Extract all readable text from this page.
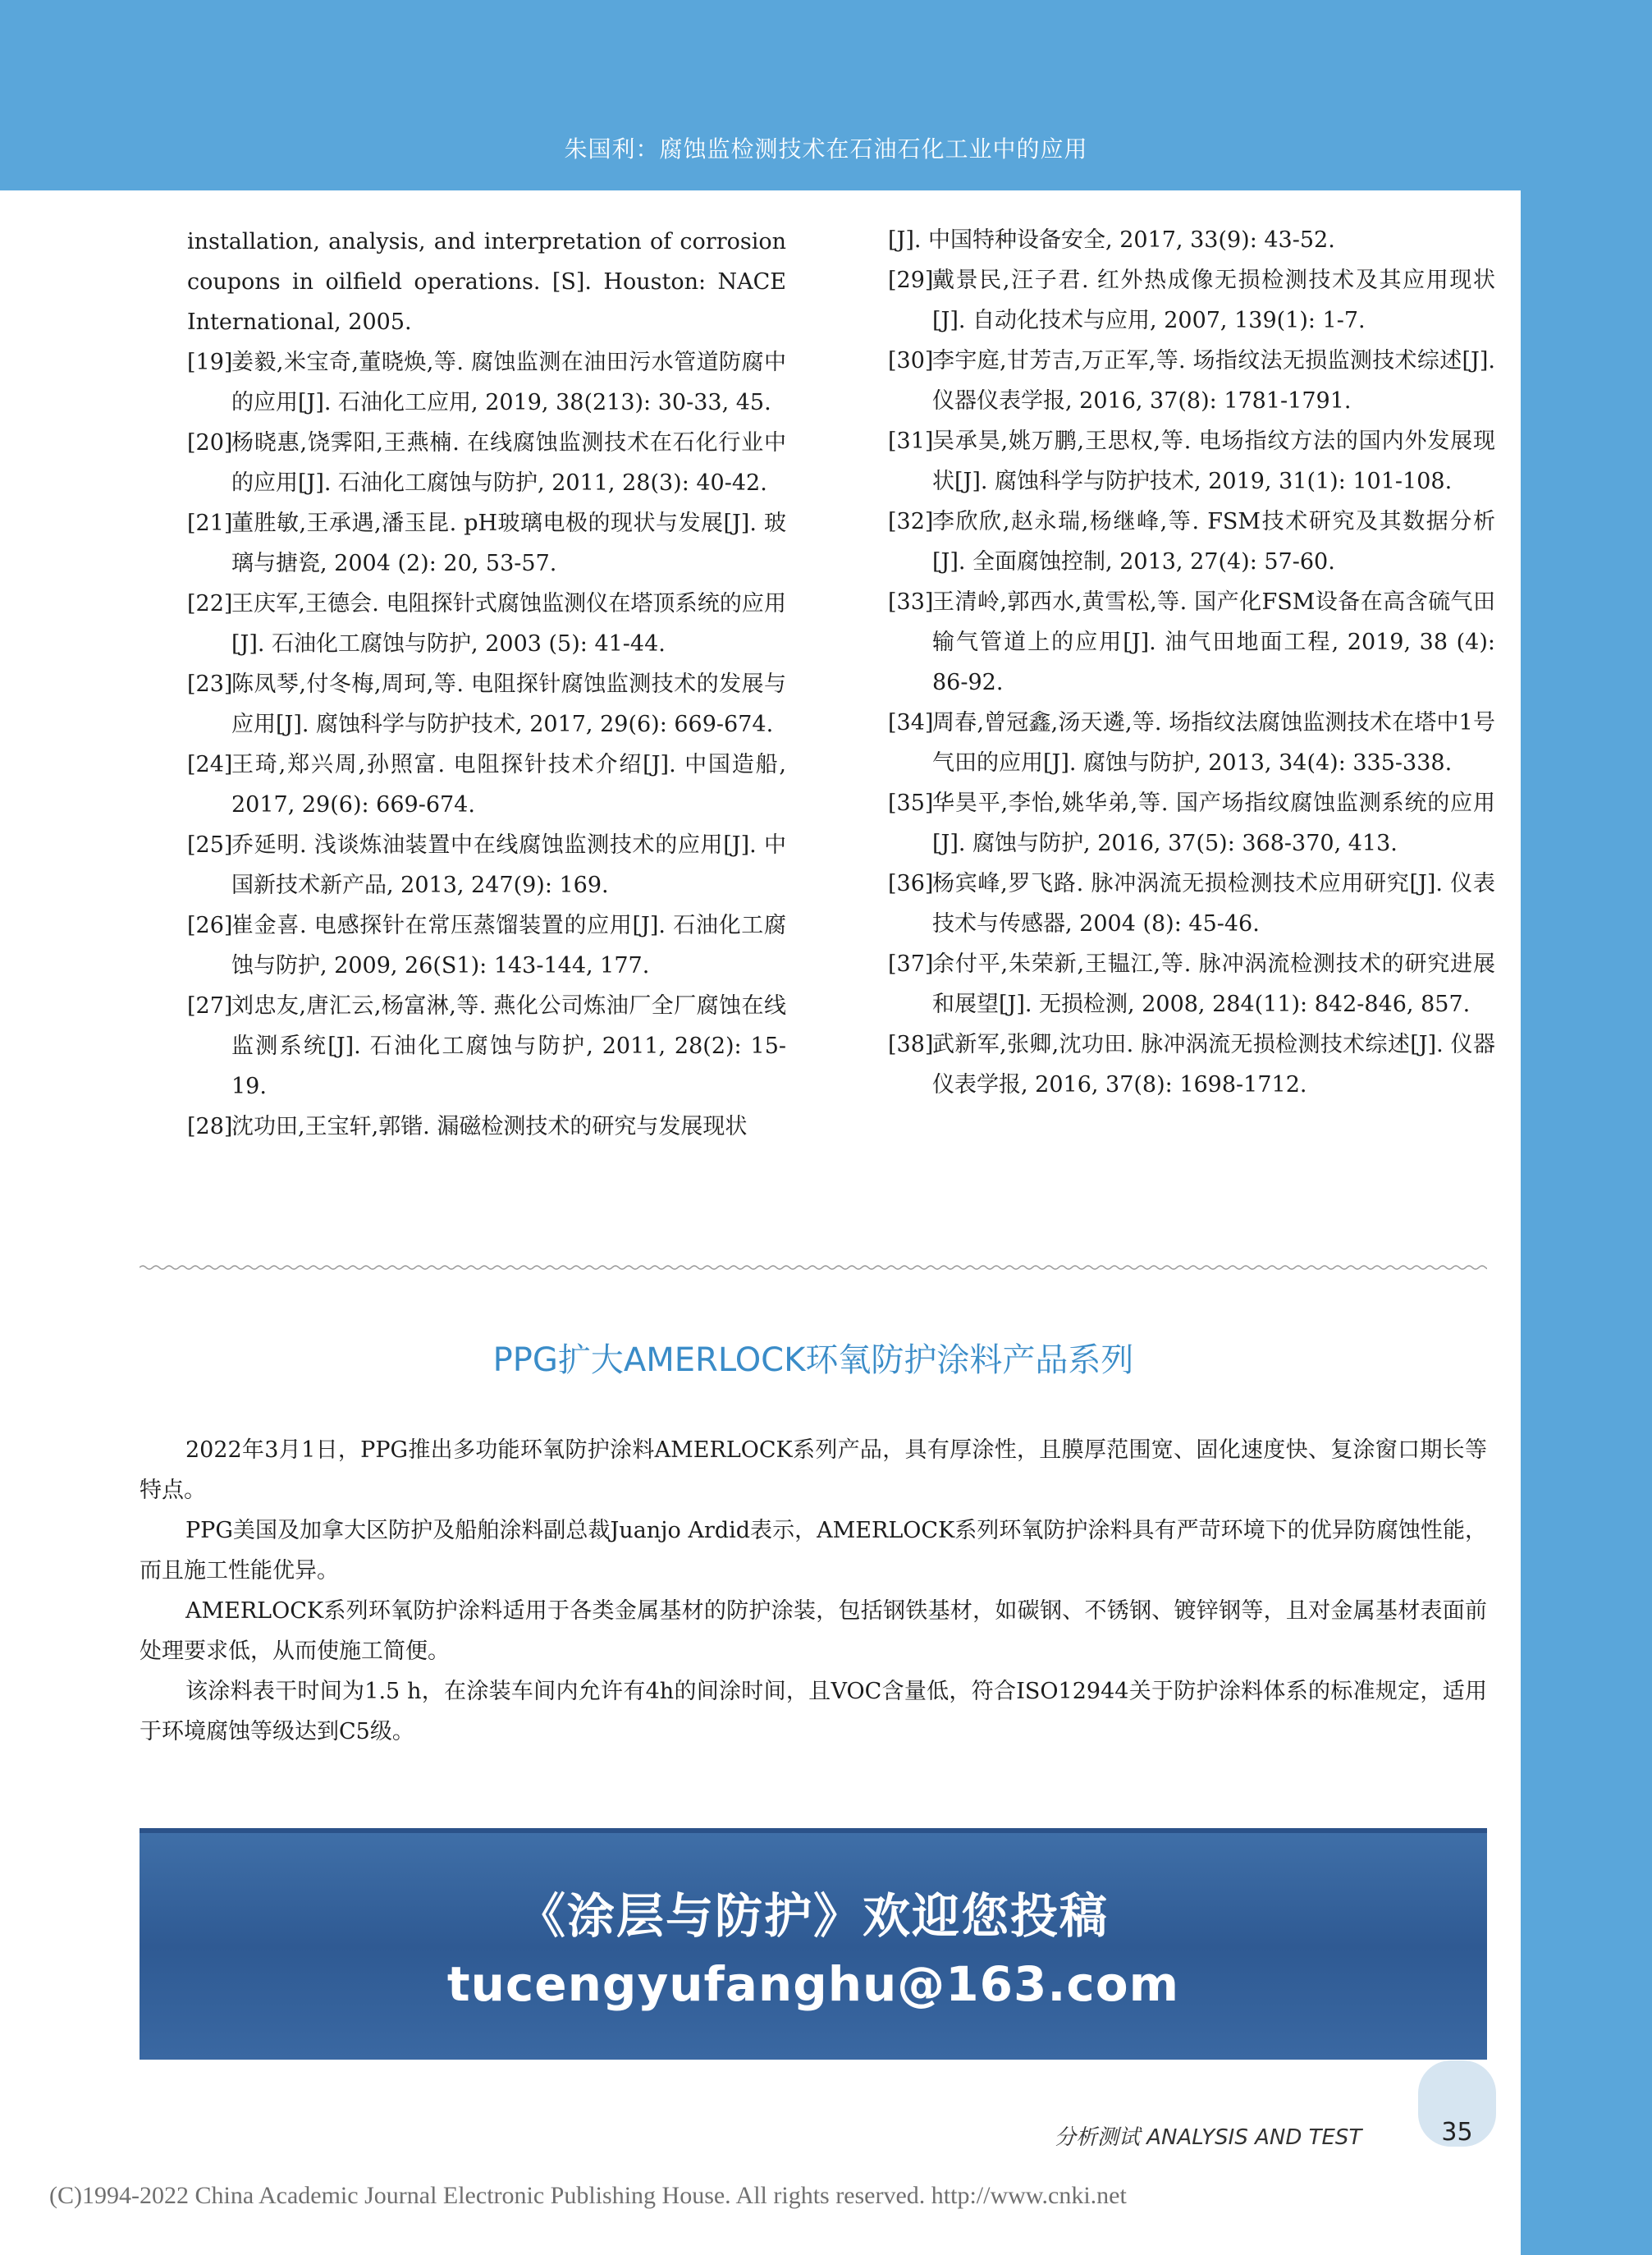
朱国利：腐蚀监检测技术在石油石化工业中的应用

installation, analysis, and interpretation of corrosion coupons in oilfield operations. [S]. Houston: NACE International, 2005.

[19]
姜毅,米宝奇,董晓焕,等. 腐蚀监测在油田污水管道防腐中的应用[J]. 石油化工应用, 2019, 38(213): 30-33, 45.

[20]
杨晓惠,饶霁阳,王燕楠. 在线腐蚀监测技术在石化行业中的应用[J]. 石油化工腐蚀与防护, 2011, 28(3): 40-42.

[21]
董胜敏,王承遇,潘玉昆. pH玻璃电极的现状与发展[J]. 玻璃与搪瓷, 2004 (2): 20, 53-57.

[22]
王庆军,王德会. 电阻探针式腐蚀监测仪在塔顶系统的应用[J]. 石油化工腐蚀与防护, 2003 (5): 41-44.

[23]
陈凤琴,付冬梅,周珂,等. 电阻探针腐蚀监测技术的发展与应用[J]. 腐蚀科学与防护技术, 2017, 29(6): 669-674.

[24]
王琦,郑兴周,孙照富. 电阻探针技术介绍[J]. 中国造船, 2017, 29(6): 669-674.

[25]
乔延明. 浅谈炼油装置中在线腐蚀监测技术的应用[J]. 中国新技术新产品, 2013, 247(9): 169.

[26]
崔金喜. 电感探针在常压蒸馏装置的应用[J]. 石油化工腐蚀与防护, 2009, 26(S1): 143-144, 177.

[27]
刘忠友,唐汇云,杨富淋,等. 燕化公司炼油厂全厂腐蚀在线监测系统[J]. 石油化工腐蚀与防护, 2011, 28(2): 15-19.

[28]
沈功田,王宝轩,郭锴. 漏磁检测技术的研究与发展现状

[J]. 中国特种设备安全, 2017, 33(9): 43-52.

[29]
戴景民,汪子君. 红外热成像无损检测技术及其应用现状[J]. 自动化技术与应用, 2007, 139(1): 1-7.

[30]
李宇庭,甘芳吉,万正军,等. 场指纹法无损监测技术综述[J]. 仪器仪表学报, 2016, 37(8): 1781-1791.

[31]
吴承昊,姚万鹏,王思权,等. 电场指纹方法的国内外发展现状[J]. 腐蚀科学与防护技术, 2019, 31(1): 101-108.

[32]
李欣欣,赵永瑞,杨继峰,等. FSM技术研究及其数据分析[J]. 全面腐蚀控制, 2013, 27(4): 57-60.

[33]
王清岭,郭西水,黄雪松,等. 国产化FSM设备在高含硫气田输气管道上的应用[J]. 油气田地面工程, 2019, 38 (4): 86-92.

[34]
周春,曾冠鑫,汤天遴,等. 场指纹法腐蚀监测技术在塔中1号气田的应用[J]. 腐蚀与防护, 2013, 34(4): 335-338.

[35]
华昊平,李怡,姚华弟,等. 国产场指纹腐蚀监测系统的应用[J]. 腐蚀与防护, 2016, 37(5): 368-370, 413.

[36]
杨宾峰,罗飞路. 脉冲涡流无损检测技术应用研究[J]. 仪表技术与传感器, 2004 (8): 45-46.

[37]
余付平,朱荣新,王韫江,等. 脉冲涡流检测技术的研究进展和展望[J]. 无损检测, 2008, 284(11): 842-846, 857.

[38]
武新军,张卿,沈功田. 脉冲涡流无损检测技术综述[J]. 仪器仪表学报, 2016, 37(8): 1698-1712.

PPG扩大AMERLOCK环氧防护涂料产品系列

2022年3月1日，PPG推出多功能环氧防护涂料AMERLOCK系列产品，具有厚涂性，且膜厚范围宽、固化速度快、复涂窗口期长等特点。

PPG美国及加拿大区防护及船舶涂料副总裁Juanjo Ardid表示，AMERLOCK系列环氧防护涂料具有严苛环境下的优异防腐蚀性能，而且施工性能优异。

AMERLOCK系列环氧防护涂料适用于各类金属基材的防护涂装，包括钢铁基材，如碳钢、不锈钢、镀锌钢等，且对金属基材表面前处理要求低，从而使施工简便。

该涂料表干时间为1.5 h，在涂装车间内允许有4h的间涂时间，且VOC含量低，符合ISO12944关于防护涂料体系的标准规定，适用于环境腐蚀等级达到C5级。

《涂层与防护》欢迎您投稿
tucengyufanghu@163.com
分析测试 ANALYSIS AND TEST	35
(C)1994-2022 China Academic Journal Electronic Publishing House. All rights reserved. http://www.cnki.net
